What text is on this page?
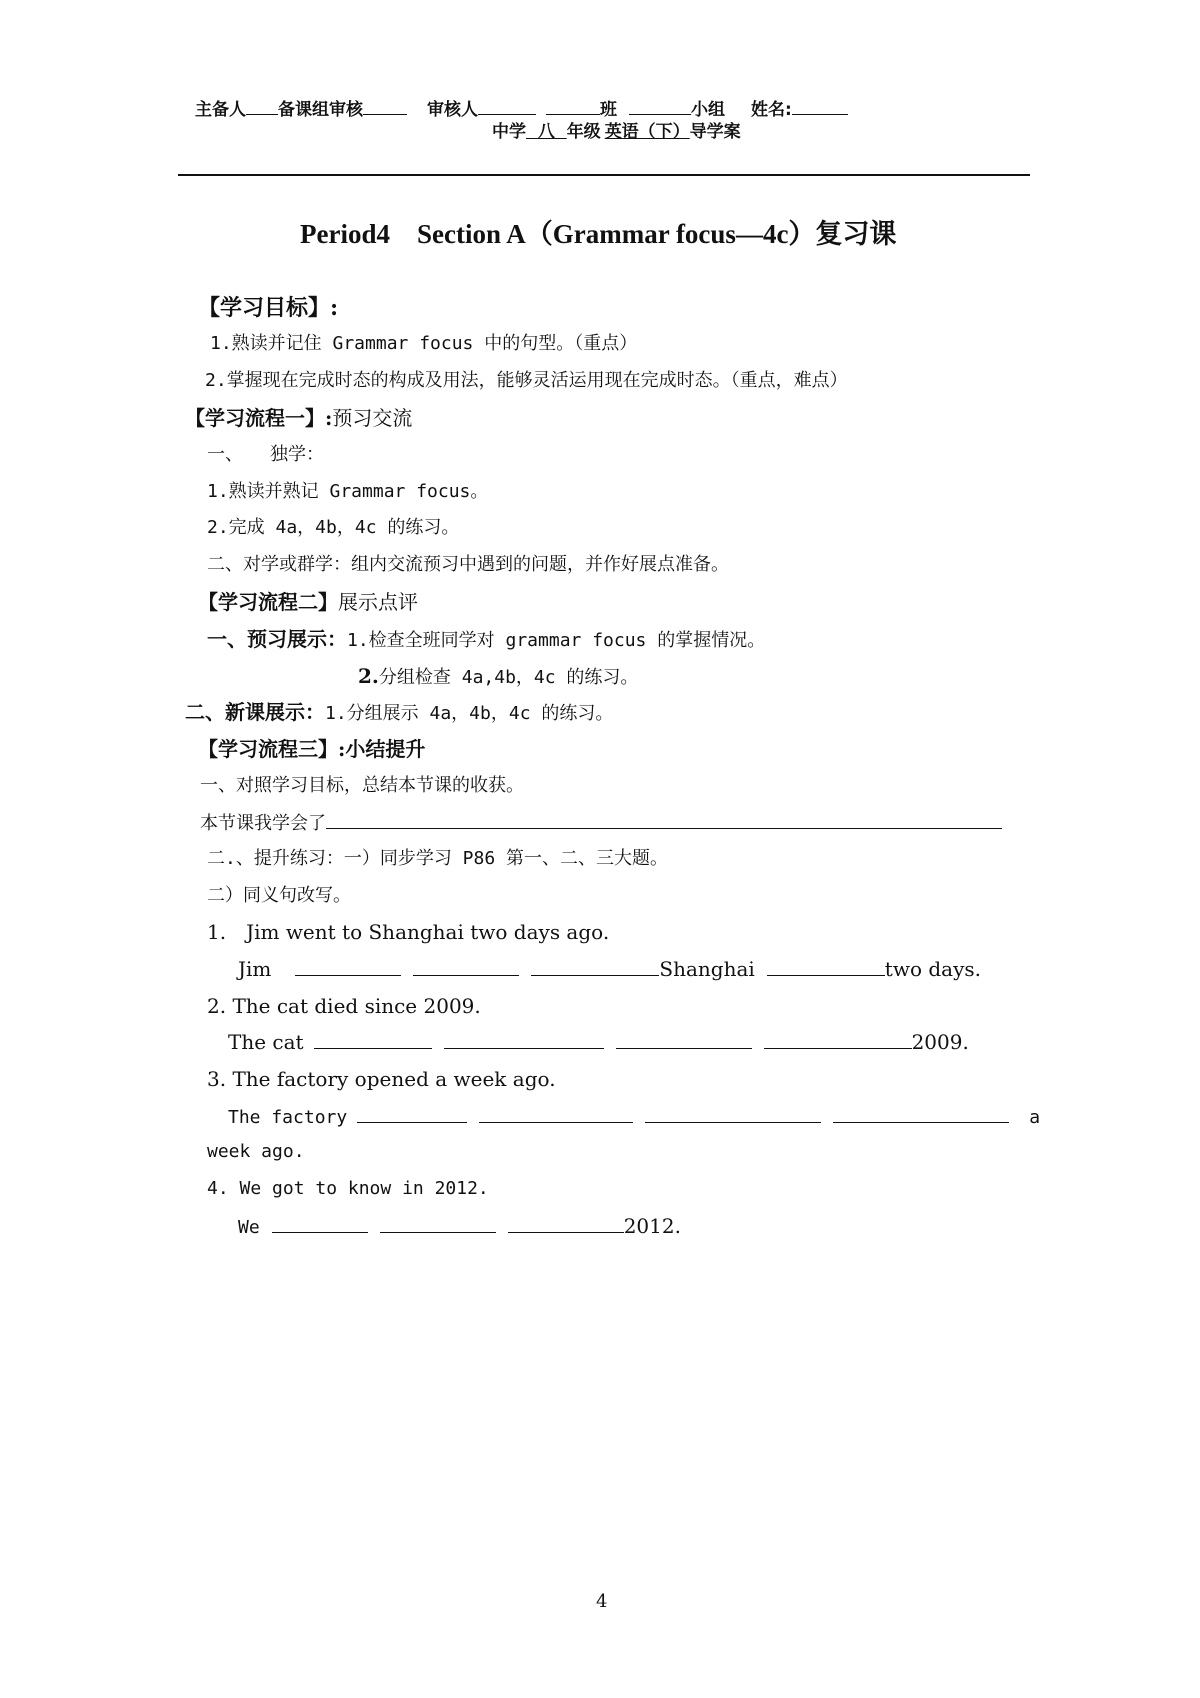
主备人 备课组审核	审核人	班	小组 姓名:
中学 八 年级 英语（下）导学案
Period4　Section A（Grammar focus—4c）复习课
【学习目标】:
1.熟读并记住 Grammar focus 中的句型。（重点）
2.掌握现在完成时态的构成及用法，能够灵活运用现在完成时态。（重点，难点）
【学习流程一】:预习交流
一、　　独学：
1.熟读并熟记 Grammar focus。
2.完成 4a，4b，4c 的练习。
二、对学或群学：组内交流预习中遇到的问题，并作好展点准备。
【学习流程二】展示点评
一、预习展示：1.检查全班同学对 grammar focus 的掌握情况。
2.分组检查 4a,4b，4c 的练习。
二、新课展示：1.分组展示 4a，4b，4c 的练习。
【学习流程三】:小结提升
一、对照学习目标，总结本节课的收获。
本节课我学会了
二.、提升练习：一）同步学习 P86 第一、二、三大题。
二）同义句改写。
1.　Jim went to Shanghai two days ago.
Jim	Shanghai	two days.
2. The cat died since 2009.
The cat	2009.
3. The factory opened a week ago.
The factory	a
week ago.
4. We got to know in 2012.
We	2012.
4
